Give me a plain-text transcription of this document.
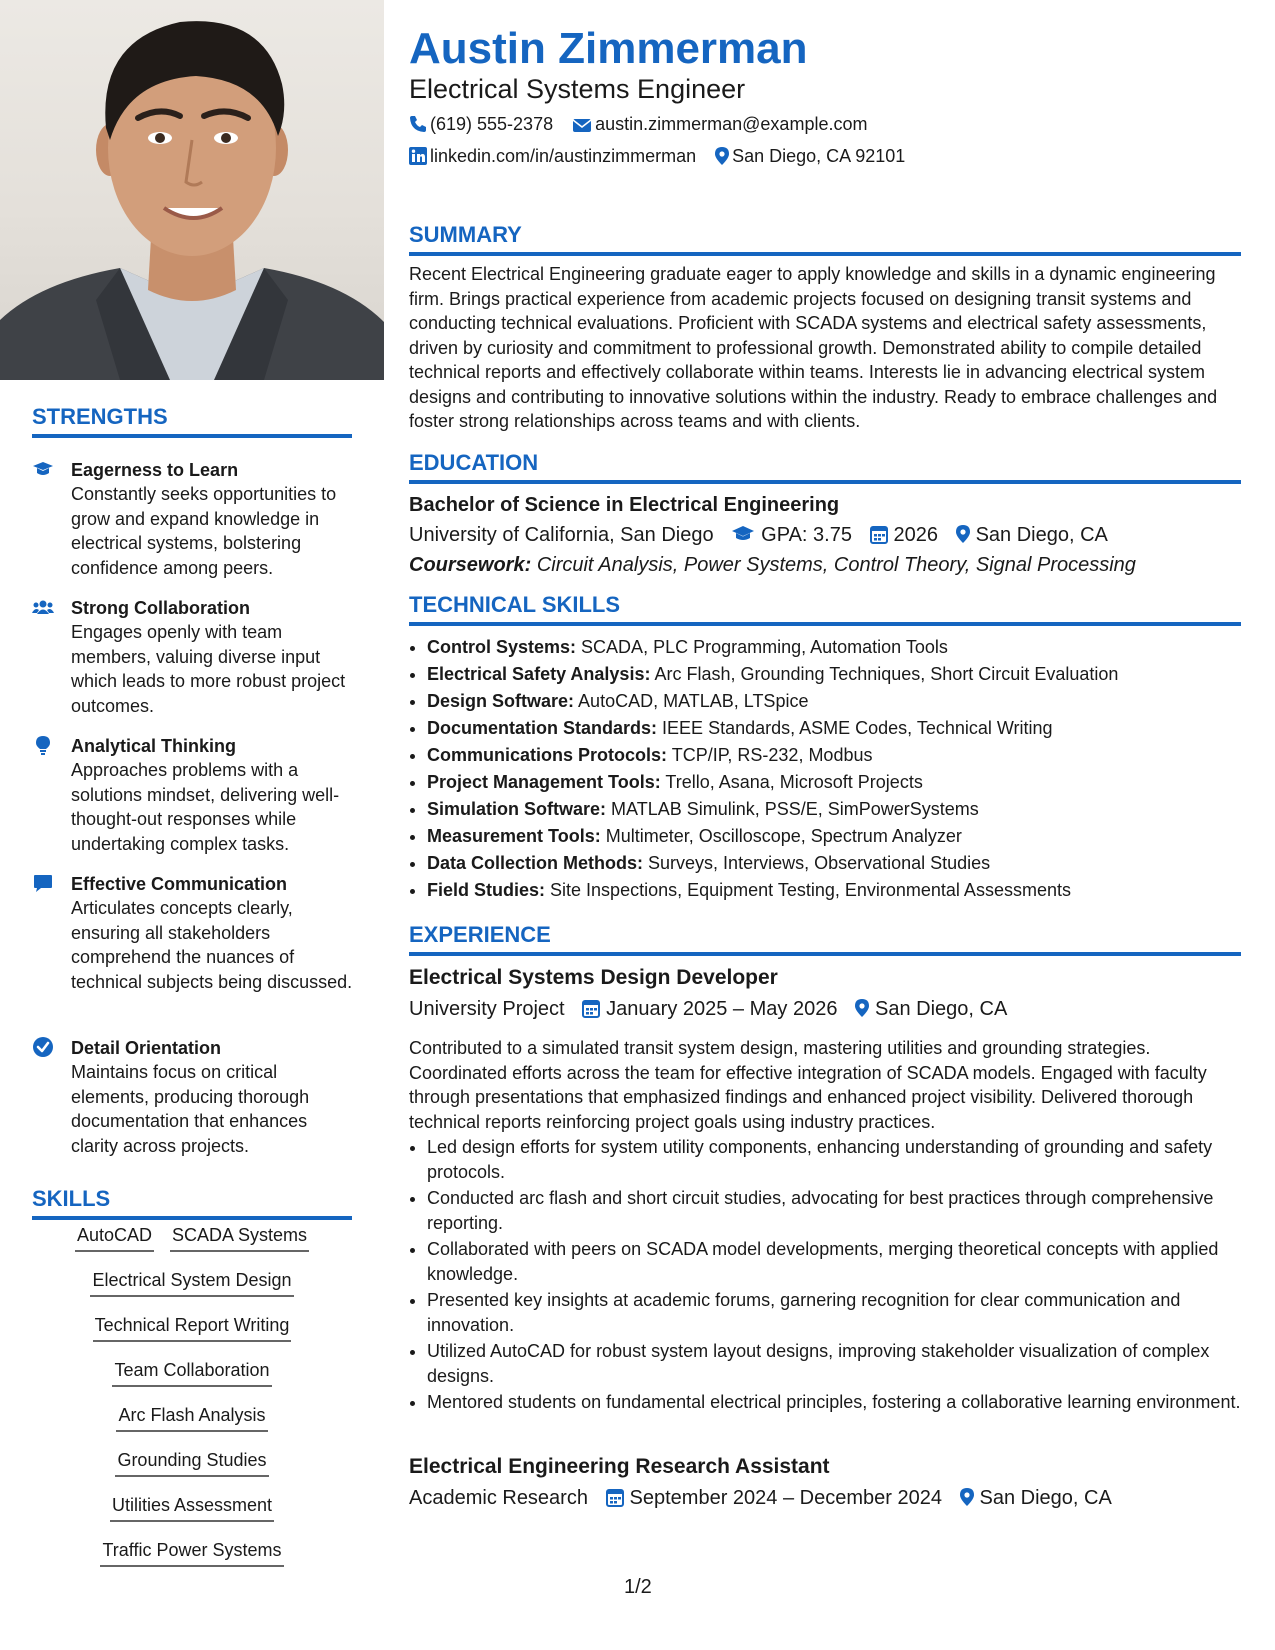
STRENGTHS
Eagerness to Learn
Constantly seeks opportunities to grow and expand knowledge in electrical systems, bolstering confidence among peers.
Strong Collaboration
Engages openly with team members, valuing diverse input which leads to more robust project outcomes.
Analytical Thinking
Approaches problems with a solutions mindset, delivering well-thought-out responses while undertaking complex tasks.
Effective Communication
Articulates concepts clearly, ensuring all stakeholders comprehend the nuances of technical subjects being discussed.
Detail Orientation
Maintains focus on critical elements, producing thorough documentation that enhances clarity across projects.
SKILLS
AutoCAD SCADA Systems
Electrical System Design
Technical Report Writing
Team Collaboration
Arc Flash Analysis
Grounding Studies
Utilities Assessment
Traffic Power Systems
Austin Zimmerman
Electrical Systems Engineer
(619) 555-2378 austin.zimmerman@example.com
linkedin.com/in/austinzimmerman San Diego, CA 92101
SUMMARY
Recent Electrical Engineering graduate eager to apply knowledge and skills in a dynamic engineering firm. Brings practical experience from academic projects focused on designing transit systems and conducting technical evaluations. Proficient with SCADA systems and electrical safety assessments, driven by curiosity and commitment to professional growth. Demonstrated ability to compile detailed technical reports and effectively collaborate within teams. Interests lie in advancing electrical system designs and contributing to innovative solutions within the industry. Ready to embrace challenges and foster strong relationships across teams and with clients.
EDUCATION
Bachelor of Science in Electrical Engineering
University of California, San Diego GPA: 3.75 2026 San Diego, CA
Coursework: Circuit Analysis, Power Systems, Control Theory, Signal Processing
TECHNICAL SKILLS
• Control Systems: SCADA, PLC Programming, Automation Tools
• Electrical Safety Analysis: Arc Flash, Grounding Techniques, Short Circuit Evaluation
• Design Software: AutoCAD, MATLAB, LTSpice
• Documentation Standards: IEEE Standards, ASME Codes, Technical Writing
• Communications Protocols: TCP/IP, RS-232, Modbus
• Project Management Tools: Trello, Asana, Microsoft Projects
• Simulation Software: MATLAB Simulink, PSS/E, SimPowerSystems
• Measurement Tools: Multimeter, Oscilloscope, Spectrum Analyzer
• Data Collection Methods: Surveys, Interviews, Observational Studies
• Field Studies: Site Inspections, Equipment Testing, Environmental Assessments
EXPERIENCE
Electrical Systems Design Developer
University Project January 2025 – May 2026 San Diego, CA
Contributed to a simulated transit system design, mastering utilities and grounding strategies. Coordinated efforts across the team for effective integration of SCADA models. Engaged with faculty through presentations that emphasized findings and enhanced project visibility. Delivered thorough technical reports reinforcing project goals using industry practices.
• Led design efforts for system utility components, enhancing understanding of grounding and safety protocols.
• Conducted arc flash and short circuit studies, advocating for best practices through comprehensive reporting.
• Collaborated with peers on SCADA model developments, merging theoretical concepts with applied knowledge.
• Presented key insights at academic forums, garnering recognition for clear communication and innovation.
• Utilized AutoCAD for robust system layout designs, improving stakeholder visualization of complex designs.
• Mentored students on fundamental electrical principles, fostering a collaborative learning environment.
Electrical Engineering Research Assistant
Academic Research September 2024 – December 2024 San Diego, CA
1/2
